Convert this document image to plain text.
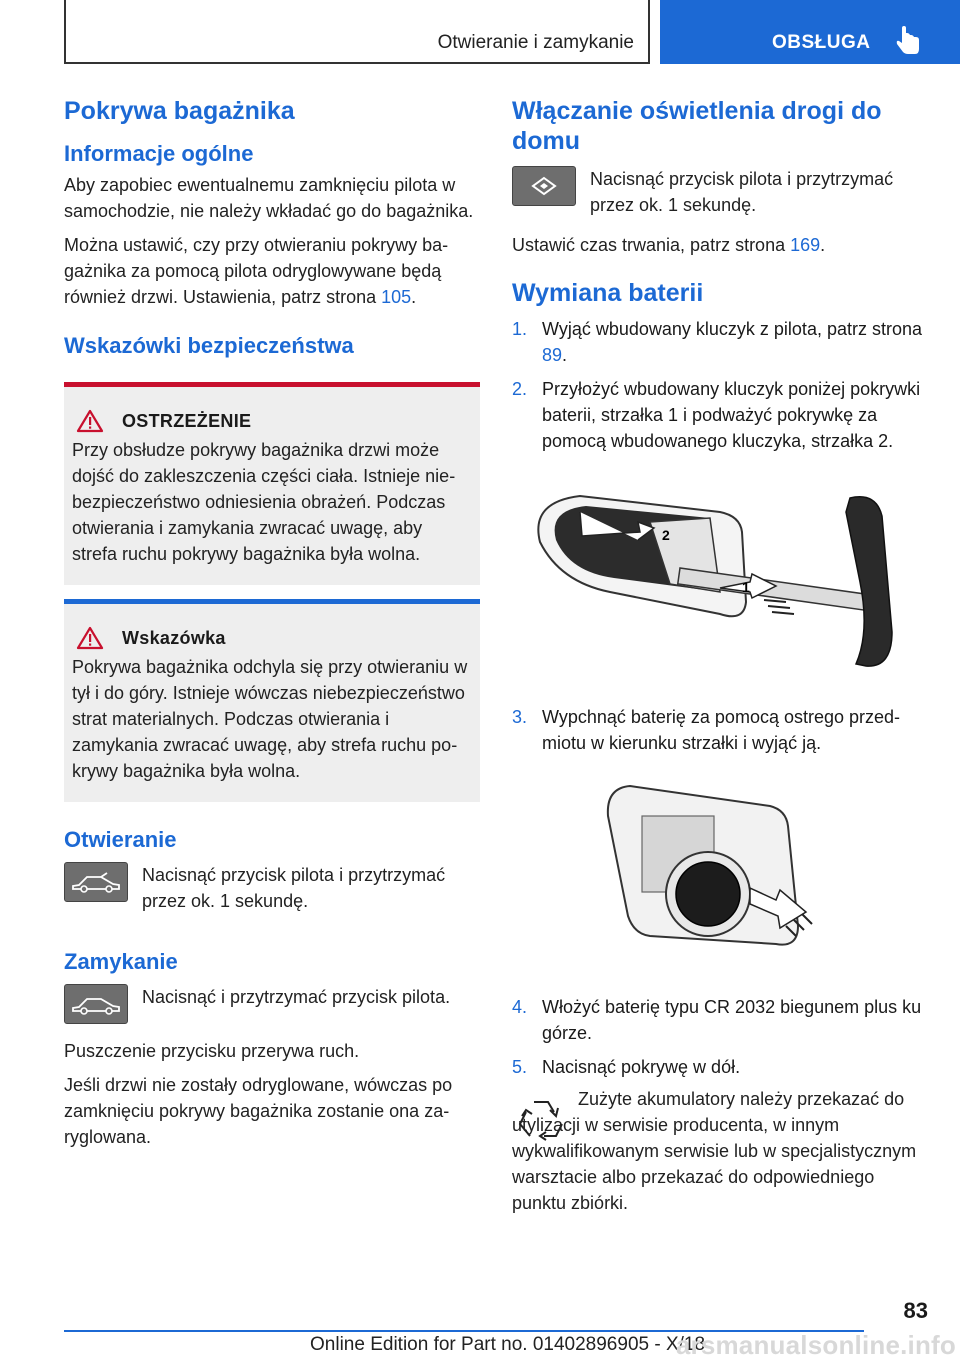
Otwieranie i zamykanie	OBSŁUGA
Pokrywa bagażnika
Informacje ogólne

Aby zapobiec ewentualnemu zamknięciu pilota w samochodzie, nie należy wkładać go do bagażnika.

Można ustawić, czy przy otwieraniu pokrywy bagażnika za pomocą pilota odryglowywane będą również drzwi. Ustawienia, patrz strona 105.

Wskazówki bezpieczeństwa
OSTRZEŻENIE

Przy obsłudze pokrywy bagażnika drzwi może dojść do zakleszczenia części ciała. Istnieje niebezpieczeństwo odniesienia obrażeń. Podczas otwierania i zamykania zwracać uwagę, aby strefa ruchu pokrywy bagażnika była wolna.

Wskazówka

Pokrywa bagażnika odchyla się przy otwieraniu w tył i do góry. Istnieje wówczas niebezpieczeństwo strat materialnych. Podczas otwierania i zamykania zwracać uwagę, aby strefa ruchu pokrywy bagażnika była wolna.

Otwieranie

Nacisnąć przycisk pilota i przytrzymać przez ok. 1 sekundę.

Zamykanie

Nacisnąć i przytrzymać przycisk pilota.

Puszczenie przycisku przerywa ruch.

Jeśli drzwi nie zostały odryglowane, wówczas po zamknięciu pokrywy bagażnika zostanie ona zaryglowana.

Włączanie oświetlenia drogi do domu

Nacisnąć przycisk pilota i przytrzymać przez ok. 1 sekundę.

Ustawić czas trwania, patrz strona 169.

Wymiana baterii
1. Wyjąć wbudowany kluczyk z pilota, patrz strona 89.
2. Przyłożyć wbudowany kluczyk poniżej pokrywki baterii, strzałka 1 i podważyć pokrywkę za pomocą wbudowanego kluczyka, strzałka 2.
2
1
3. Wypchnąć baterię za pomocą ostrego przedmiotu w kierunku strzałki i wyjąć ją.
4. Włożyć baterię typu CR 2032 biegunem plus ku górze.
5. Nacisnąć pokrywę w dół.

Zużyte akumulatory należy przekazać do utylizacji w serwisie producenta, w innym wykwalifikowanym serwisie lub w specjalistycznym warsztacie albo przekazać do odpowiedniego punktu zbiórki.

83
Online Edition for Part no. 01402896905 - X/18
arsmanualsonline.info
